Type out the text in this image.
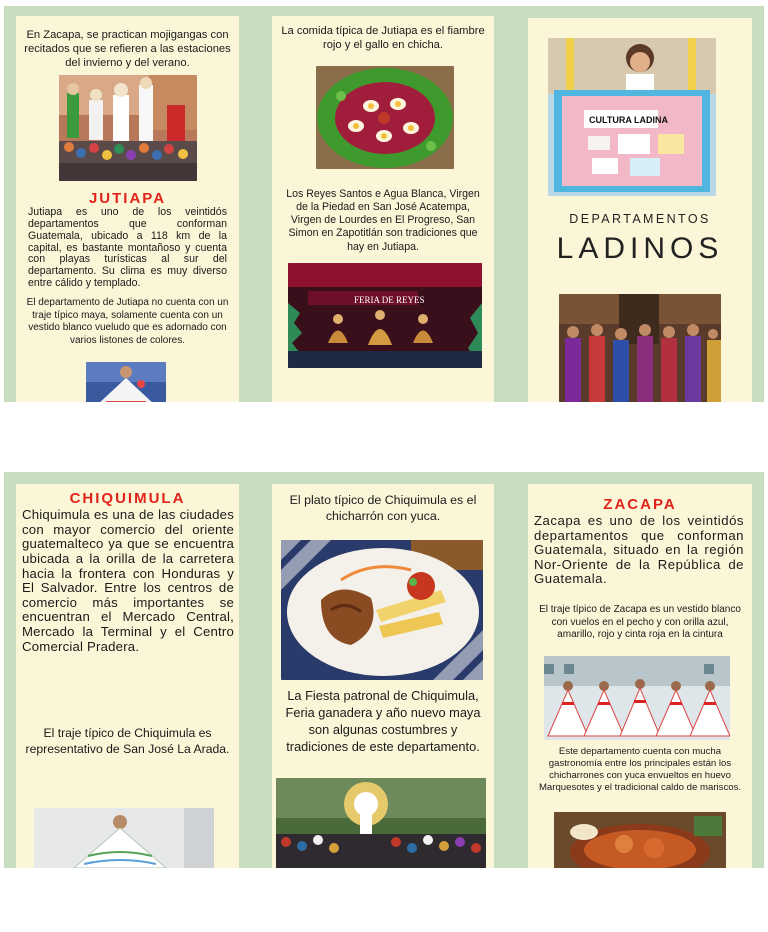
En Zacapa, se practican mojigangas con recitados que se refieren a las estaciones del invierno y del verano.
JUTIAPA
Jutiapa es uno de los veintidós departamentos que conforman Guatemala, ubicado a 118 km de la capital, es bastante montañoso y cuenta con playas turísticas al sur del departamento. Su clima es muy diverso entre cálido y templado.
El departamento de Jutiapa no cuenta con un traje típico maya, solamente cuenta con un vestido blanco vueludo que es adornado con varios listones de colores.
La comida típica de Jutiapa es el fiambre rojo y el gallo en chicha.
Los Reyes Santos e Agua Blanca, Virgen de la Piedad en San José Acatempa, Virgen de Lourdes en El Progreso, San Simon en Zapotitlán son tradiciones que hay en Jutiapa.
FERIA DE REYES
CULTURA LADINA
DEPARTAMENTOS
LADINOS
CHIQUIMULA
Chiquimula es una de las ciudades con mayor comercio del oriente guatemalteco ya que se encuentra ubicada a la orilla de la carretera hacia la frontera con Honduras y El Salvador. Entre los centros de comercio más importantes se encuentran el Mercado Central, Mercado la Terminal y el Centro Comercial Pradera.
El traje típico de Chiquimula es representativo de San José La Arada.
El plato típico de Chiquimula es el chicharrón con yuca.
La Fiesta patronal de Chiquimula, Feria ganadera y año nuevo maya son algunas costumbres y tradiciones de este departamento.
ZACAPA
Zacapa es uno de los veintidós departamentos que conforman Guatemala, situado en la región Nor-Oriente de la República de Guatemala.
El traje típico de Zacapa es un vestido blanco con vuelos en el pecho y con orilla azul, amarillo, rojo y cinta roja en la cintura
Este departamento cuenta con mucha gastronomía entre los principales están los chicharrones con yuca envueltos en huevo Marquesotes y el tradicional caldo de mariscos.
